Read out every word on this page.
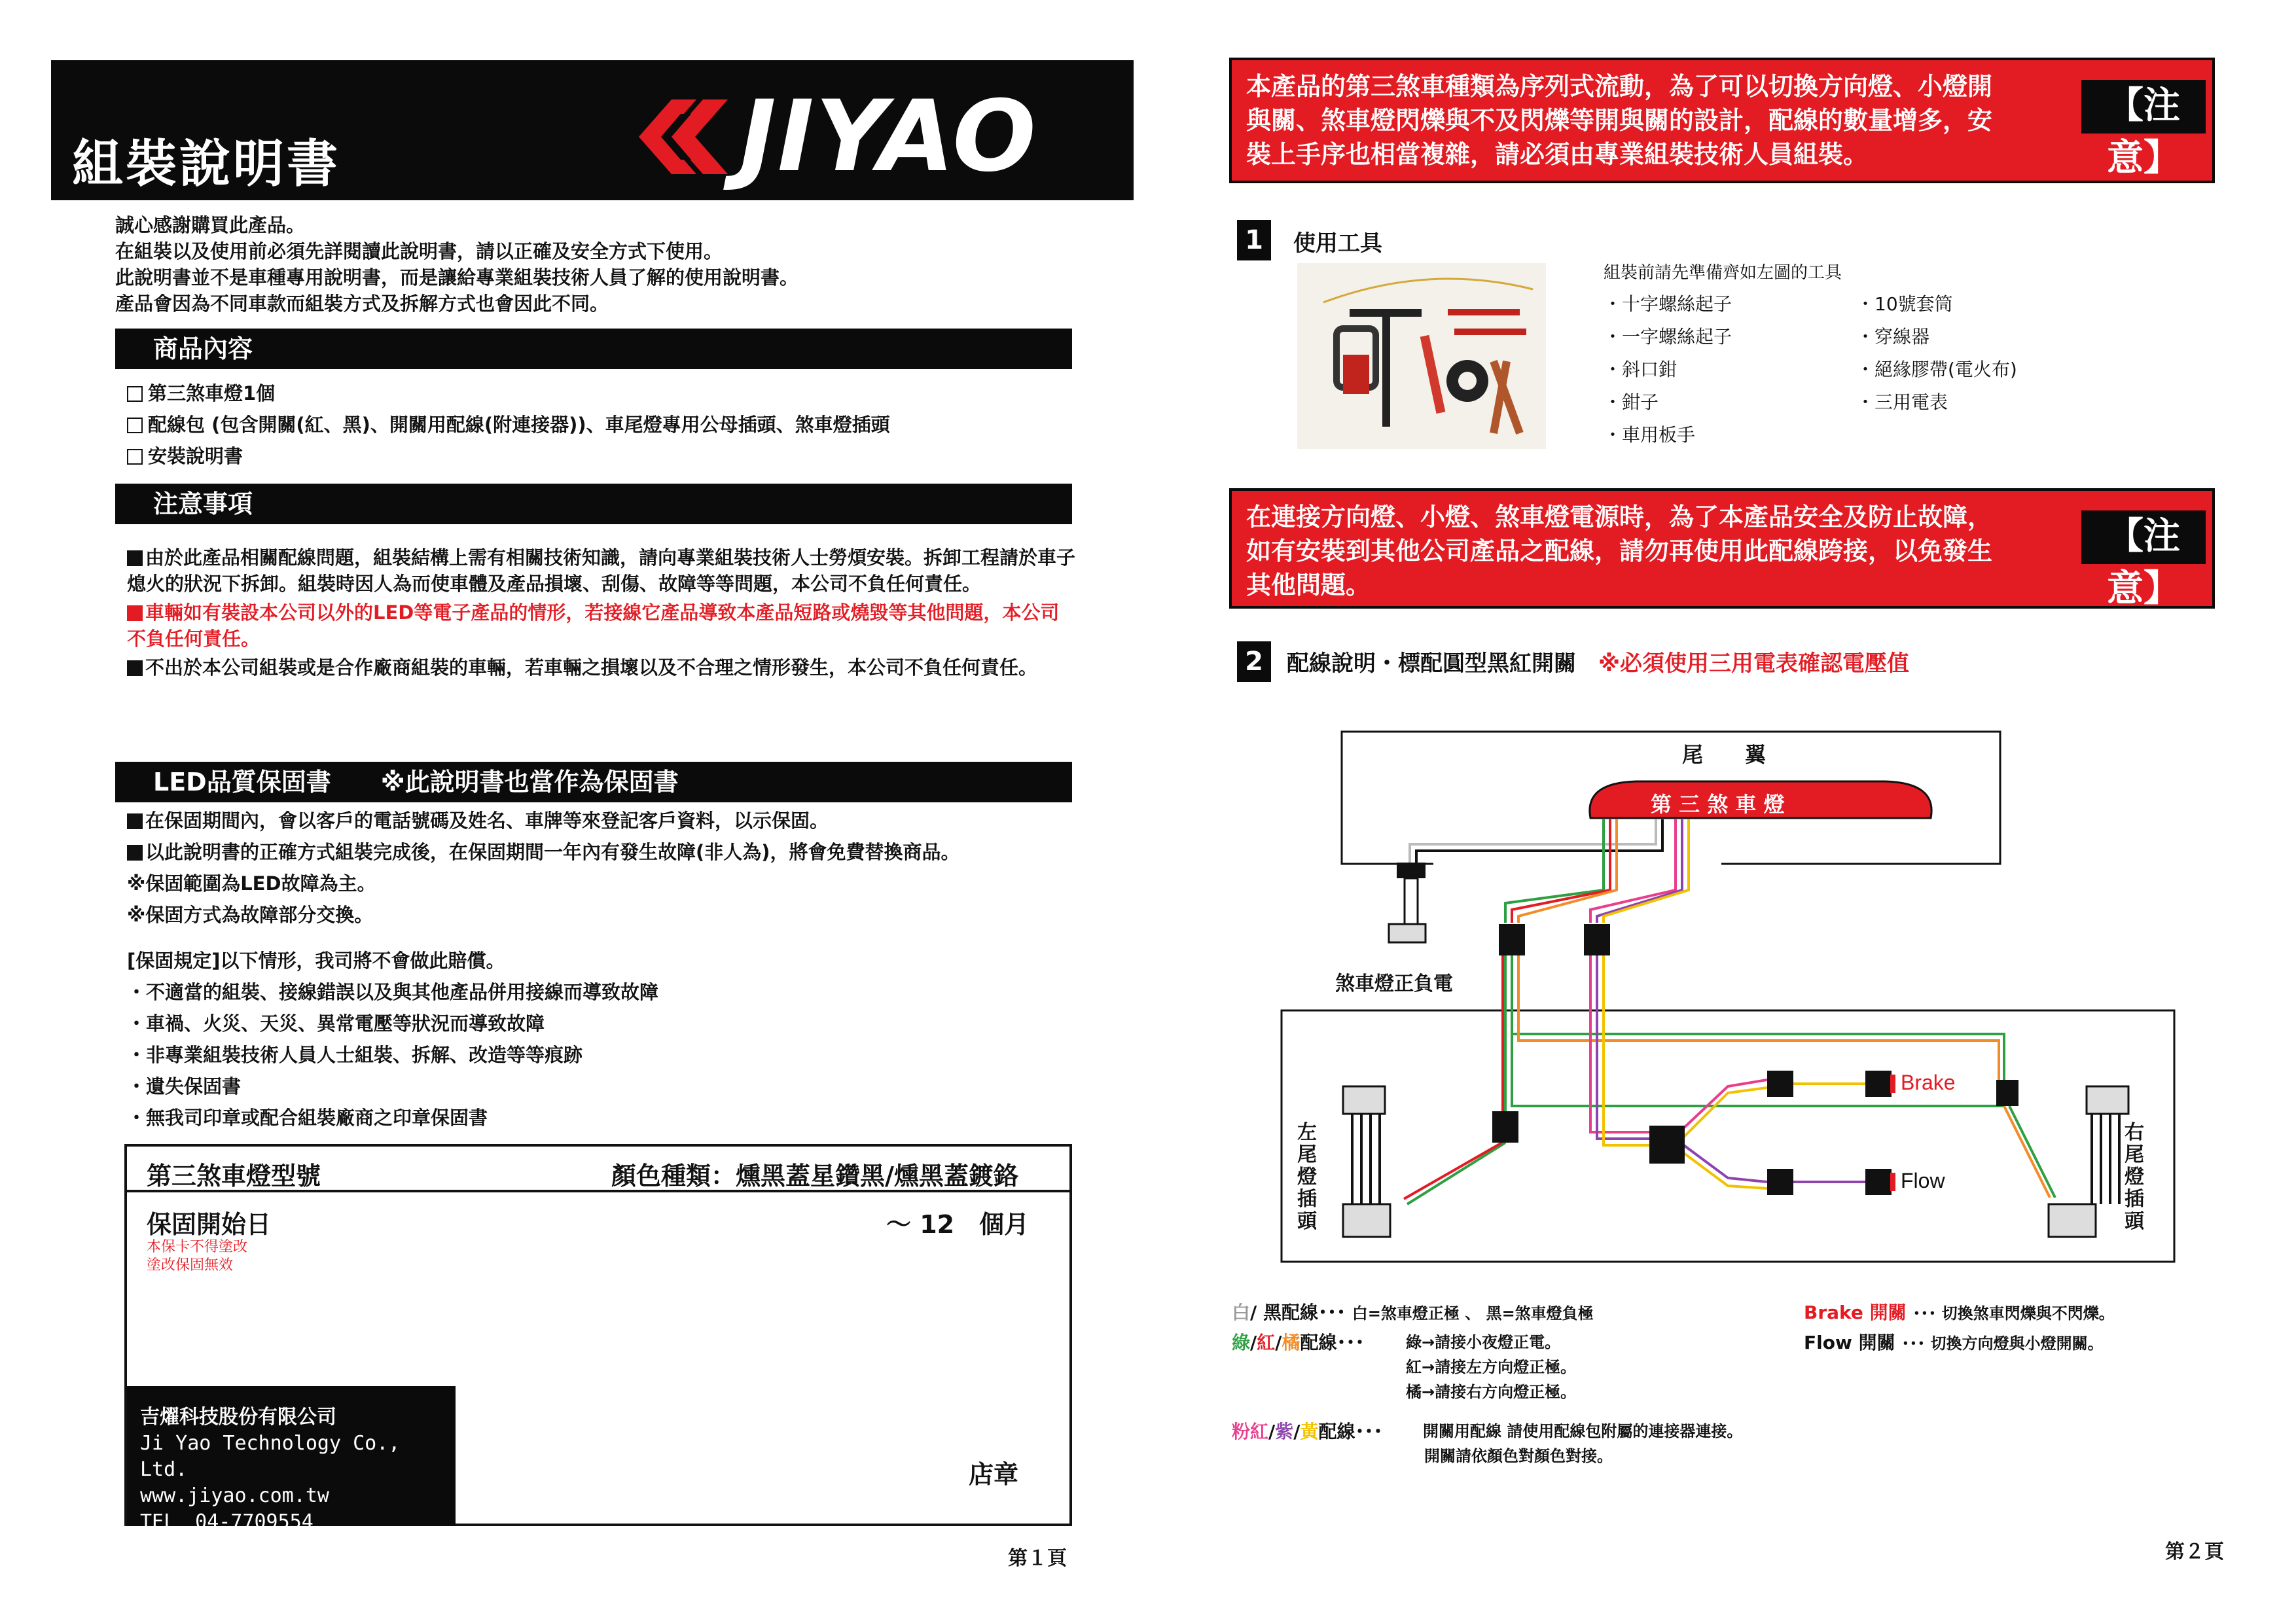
組裝說明書	JIYAO
誠心感謝購買此產品。
在組裝以及使用前必須先詳閱讀此說明書，請以正確及安全方式下使用。
此說明書並不是車種專用說明書，而是讓給專業組裝技術人員了解的使用說明書。
產品會因為不同車款而組裝方式及拆解方式也會因此不同。
商品內容
第三煞車燈1個
配線包 (包含開關(紅、黑)、開關用配線(附連接器))、車尾燈專用公母插頭、煞車燈插頭
安裝說明書
注意事項

由於此產品相關配線問題，組裝結構上需有相關技術知識，請向專業組裝技術人士勞煩安裝。拆卸工程請於車子熄火的狀況下拆卸。組裝時因人為而使車體及產品損壞、刮傷、故障等等問題，本公司不負任何責任。

車輛如有裝設本公司以外的LED等電子產品的情形，若接線它產品導致本產品短路或燒毀等其他問題，本公司不負任何責任。

不出於本公司組裝或是合作廠商組裝的車輛，若車輛之損壞以及不合理之情形發生，本公司不負任何責任。

LED品質保固書　　※此說明書也當作為保固書
在保固期間內，會以客戶的電話號碼及姓名、車牌等來登記客戶資料，以示保固。
以此說明書的正確方式組裝完成後，在保固期間一年內有發生故障(非人為)，將會免費替換商品。
※保固範圍為LED故障為主。
※保固方式為故障部分交換。
[保固規定]以下情形，我司將不會做此賠償。
・不適當的組裝、接線錯誤以及與其他產品併用接線而導致故障
・車禍、火災、天災、異常電壓等狀況而導致故障
・非專業組裝技術人員人士組裝、拆解、改造等等痕跡
・遺失保固書
・無我司印章或配合組裝廠商之印章保固書
第三煞車燈型號	顏色種類：燻黑蓋星鑽黑/燻黑蓋鍍鉻
保固開始日	～ 12　個月
本保卡不得塗改
塗改保固無效
吉燿科技股份有限公司
Ji Yao Technology Co., Ltd.
www.jiyao.com.tw
TEL　04-7709554
店章
第１頁
本產品的第三煞車種類為序列式流動，為了可以切換方向燈、小燈開與關、煞車燈閃爍與不及閃爍等開與關的設計，配線的數量增多，安裝上手序也相當複雜，請必須由專業組裝技術人員組裝。
【注意】
1	使用工具
組裝前請先準備齊如左圖的工具
・十字螺絲起子
・一字螺絲起子
・斜口鉗
・鉗子
・車用板手
・10號套筒
・穿線器
・絕緣膠帶(電火布)
・三用電表
在連接方向燈、小燈、煞車燈電源時，為了本產品安全及防止故障，如有安裝到其他公司產品之配線，請勿再使用此配線跨接，以免發生其他問題。
【注意】
2	配線說明・標配圓型黑紅開關　 ※必須使用三用電表確認電壓值
尾　　翼
第 三 煞 車 燈
煞車燈正負電
左尾燈插頭
右尾燈插頭
Brake
Flow
白/ 黑配線･･･ 白=煞車燈正極 、 黑=煞車燈負極
綠/紅/橘配線･･･	綠→請接小夜燈正電。
紅→請接左方向燈正極。
橘→請接右方向燈正極。
粉紅/紫/黃配線･･･	開關用配線 請使用配線包附屬的連接器連接。
開關請依顏色對顏色對接。
Brake 開關 ･･･ 切換煞車閃爍與不閃爍。
Flow 開關 ･･･ 切換方向燈與小燈開關。
第２頁
